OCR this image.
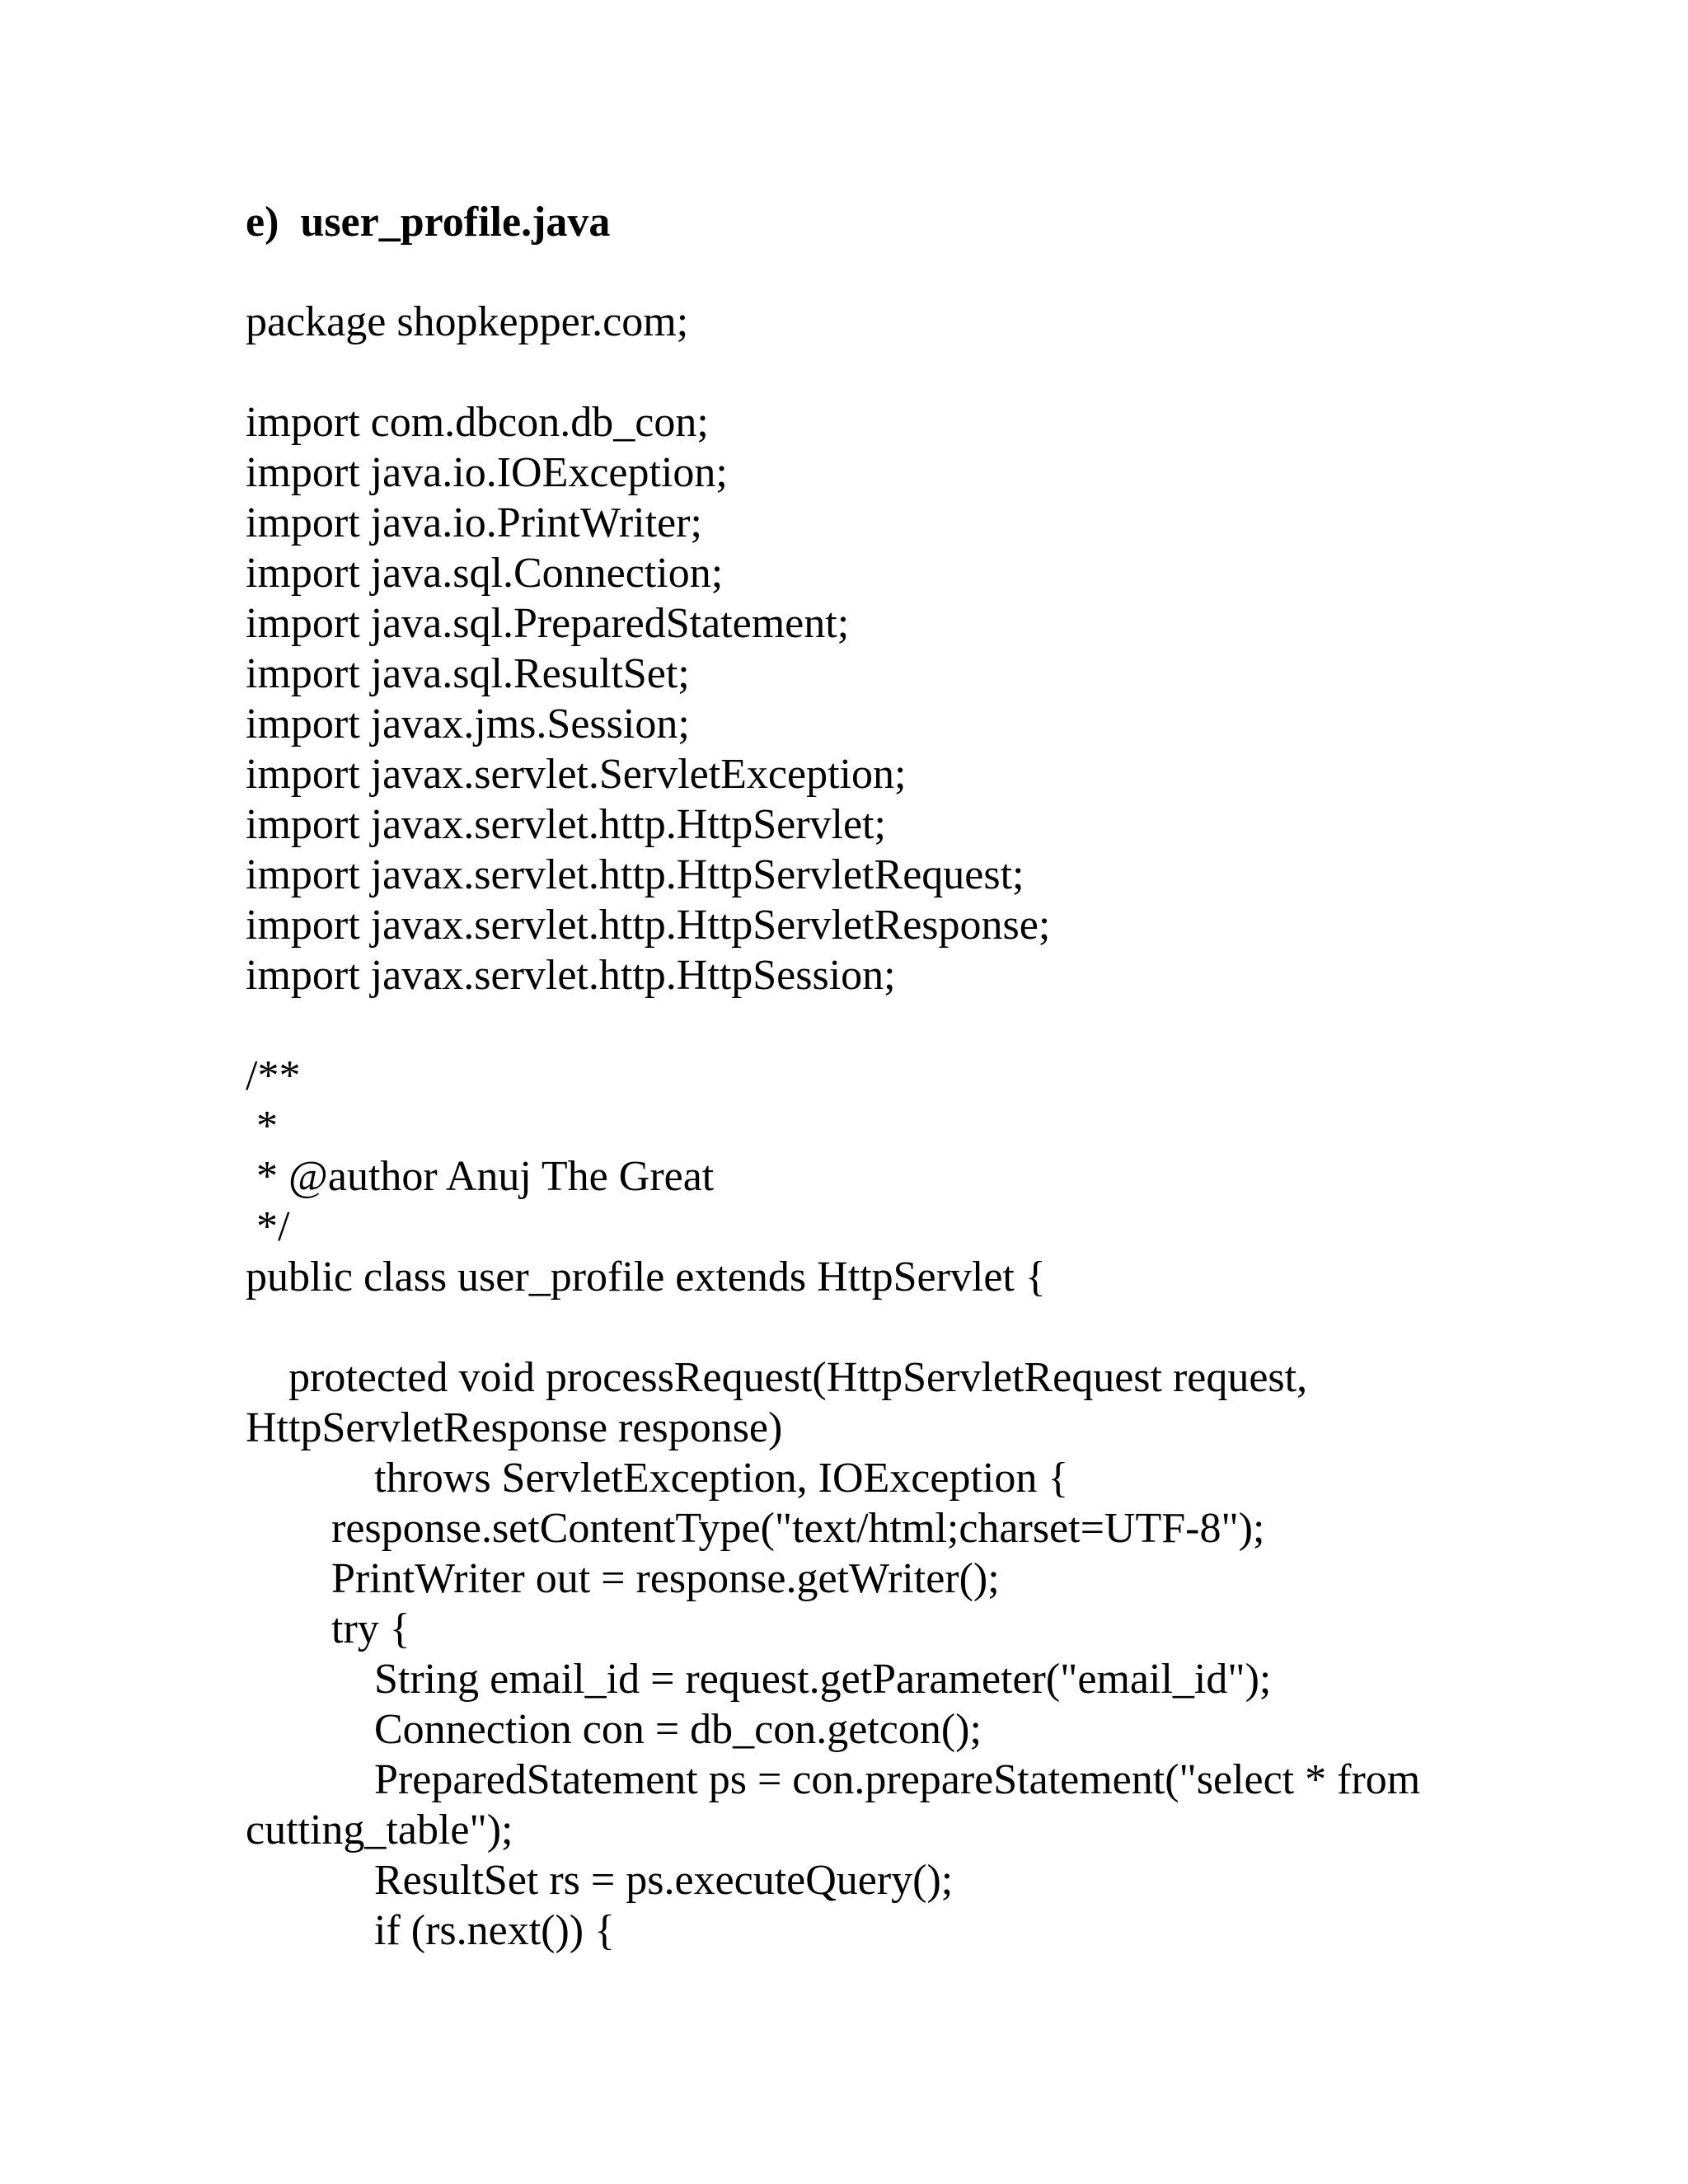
e)  user_profile.java
package shopkepper.com;
import com.dbcon.db_con;
import java.io.IOException;
import java.io.PrintWriter;
import java.sql.Connection;
import java.sql.PreparedStatement;
import java.sql.ResultSet;
import javax.jms.Session;
import javax.servlet.ServletException;
import javax.servlet.http.HttpServlet;
import javax.servlet.http.HttpServletRequest;
import javax.servlet.http.HttpServletResponse;
import javax.servlet.http.HttpSession;
/**
*
* @author Anuj The Great
*/
public class user_profile extends HttpServlet {
protected void processRequest(HttpServletRequest request,
HttpServletResponse response)
throws ServletException, IOException {
response.setContentType("text/html;charset=UTF-8");
PrintWriter out = response.getWriter();
try {
String email_id = request.getParameter("email_id");
Connection con = db_con.getcon();
PreparedStatement ps = con.prepareStatement("select * from
cutting_table");
ResultSet rs = ps.executeQuery();
if (rs.next()) {
